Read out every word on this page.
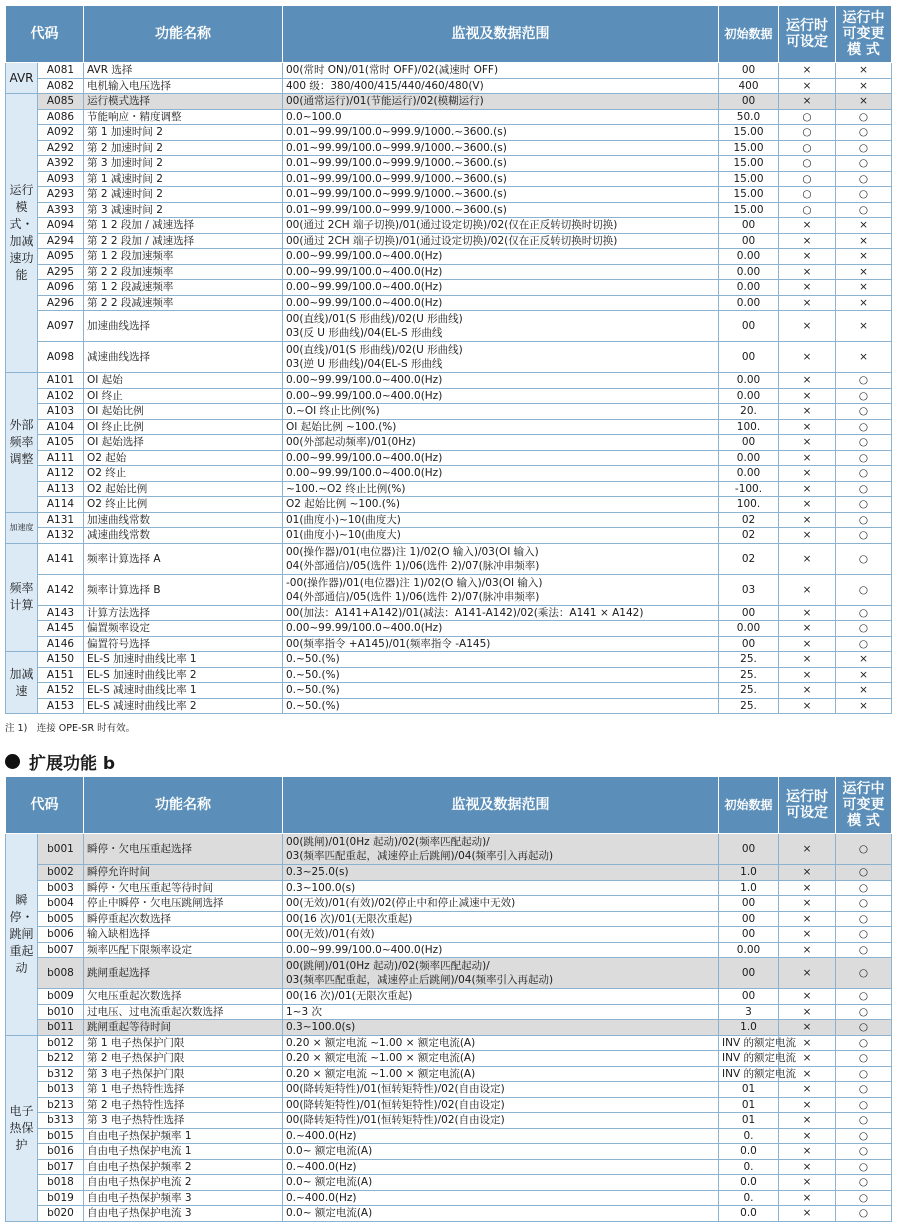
代码		功能名称	监视及数据范围	初始数据	运行时可设定	运行中可变更模 式
AVR	A081	AVR 选择	00(常时 ON)/01(常时 OFF)/02(减速时 OFF)	00	×	×
	A082	电机输入电压选择	400 级：380/400/415/440/460/480(V)	400	×	×
运行模式・加减速功能	A085	运行模式选择	00(通常运行)/01(节能运行)/02(模糊运行)	00	×	×
	A086	节能响应・精度调整	0.0~100.0	50.0	○	○
	A092	第 1 加速时间 2	0.01~99.99/100.0~999.9/1000.~3600.(s)	15.00	○	○
	A292	第 2 加速时间 2	0.01~99.99/100.0~999.9/1000.~3600.(s)	15.00	○	○
	A392	第 3 加速时间 2	0.01~99.99/100.0~999.9/1000.~3600.(s)	15.00	○	○
	A093	第 1 减速时间 2	0.01~99.99/100.0~999.9/1000.~3600.(s)	15.00	○	○
	A293	第 2 减速时间 2	0.01~99.99/100.0~999.9/1000.~3600.(s)	15.00	○	○
	A393	第 3 减速时间 2	0.01~99.99/100.0~999.9/1000.~3600.(s)	15.00	○	○
	A094	第 1 2 段加 / 减速选择	00(通过 2CH 端子切换)/01(通过设定切换)/02(仅在正反转切换时切换)	00	×	×
	A294	第 2 2 段加 / 减速选择	00(通过 2CH 端子切换)/01(通过设定切换)/02(仅在正反转切换时切换)	00	×	×
	A095	第 1 2 段加速频率	0.00~99.99/100.0~400.0(Hz)	0.00	×	×
	A295	第 2 2 段加速频率	0.00~99.99/100.0~400.0(Hz)	0.00	×	×
	A096	第 1 2 段减速频率	0.00~99.99/100.0~400.0(Hz)	0.00	×	×
	A296	第 2 2 段减速频率	0.00~99.99/100.0~400.0(Hz)	0.00	×	×
	A097	加速曲线选择	00(直线)/01(S 形曲线)/02(U 形曲线)
03(反 U 形曲线)/04(EL-S 形曲线	00	×	×
	A098	减速曲线选择	00(直线)/01(S 形曲线)/02(U 形曲线)
03(逆 U 形曲线)/04(EL-S 形曲线	00	×	×
外部频率调整	A101	OI 起始	0.00~99.99/100.0~400.0(Hz)	0.00	×	○
	A102	OI 终止	0.00~99.99/100.0~400.0(Hz)	0.00	×	○
	A103	OI 起始比例	0.~OI 终止比例(%)	20.	×	○
	A104	OI 终止比例	OI 起始比例 ~100.(%)	100.	×	○
	A105	OI 起始选择	00(外部起动频率)/01(0Hz)	00	×	○
	A111	O2 起始	0.00~99.99/100.0~400.0(Hz)	0.00	×	○
	A112	O2 终止	0.00~99.99/100.0~400.0(Hz)	0.00	×	○
	A113	O2 起始比例	~100.~O2 终止比例(%)	-100.	×	○
	A114	O2 终止比例	O2 起始比例 ~100.(%)	100.	×	○
加速度	A131	加速曲线常数	01(曲度小)~10(曲度大)	02	×	○
	A132	减速曲线常数	01(曲度小)~10(曲度大)	02	×	○
频率计算	A141	频率计算选择 A	00(操作器)/01(电位器)注 1)/02(O 输入)/03(OI 输入)
04(外部通信)/05(选件 1)/06(选件 2)/07(脉冲串频率)	02	×	○
	A142	频率计算选择 B	-00(操作器)/01(电位器)注 1)/02(O 输入)/03(OI 输入)
04(外部通信)/05(选件 1)/06(选件 2)/07(脉冲串频率)	03	×	○
	A143	计算方法选择	00(加法：A141+A142)/01(减法：A141-A142)/02(乘法：A141 × A142)	00	×	○
	A145	偏置频率设定	0.00~99.99/100.0~400.0(Hz)	0.00	×	○
	A146	偏置符号选择	00(频率指令 +A145)/01(频率指令 -A145)	00	×	○
加减速	A150	EL-S 加速时曲线比率 1	0.~50.(%)	25.	×	×
	A151	EL-S 加速时曲线比率 2	0.~50.(%)	25.	×	×
	A152	EL-S 减速时曲线比率 1	0.~50.(%)	25.	×	×
	A153	EL-S 减速时曲线比率 2	0.~50.(%)	25.	×	×
注 1)　连接 OPE-SR 时有效。
扩展功能 b
代码		功能名称	监视及数据范围	初始数据	运行时可设定	运行中可变更模 式
瞬停・跳闸重起动	b001	瞬停・欠电压重起选择	00(跳闸)/01(0Hz 起动)/02(频率匹配起动)/
03(频率匹配重起，减速停止后跳闸)/04(频率引入再起动)	00	×	○
	b002	瞬停允许时间	0.3~25.0(s)	1.0	×	○
	b003	瞬停・欠电压重起等待时间	0.3~100.0(s)	1.0	×	○
	b004	停止中瞬停・欠电压跳闸选择	00(无效)/01(有效)/02(停止中和停止减速中无效)	00	×	○
	b005	瞬停重起次数选择	00(16 次)/01(无限次重起)	00	×	○
	b006	输入缺相选择	00(无效)/01(有效)	00	×	○
	b007	频率匹配下限频率设定	0.00~99.99/100.0~400.0(Hz)	0.00	×	○
	b008	跳闸重起选择	00(跳闸)/01(0Hz 起动)/02(频率匹配起动)/
03(频率匹配重起，减速停止后跳闸)/04(频率引入再起动)	00	×	○
	b009	欠电压重起次数选择	00(16 次)/01(无限次重起)	00	×	○
	b010	过电压、过电流重起次数选择	1~3 次	3	×	○
	b011	跳闸重起等待时间	0.3~100.0(s)	1.0	×	○
电子热保护	b012	第 1 电子热保护门限	0.20 × 额定电流 ~1.00 × 额定电流(A)	INV 的额定电流	×	○
	b212	第 2 电子热保护门限	0.20 × 额定电流 ~1.00 × 额定电流(A)	INV 的额定电流	×	○
	b312	第 3 电子热保护门限	0.20 × 额定电流 ~1.00 × 额定电流(A)	INV 的额定电流	×	○
	b013	第 1 电子热特性选择	00(降转矩特性)/01(恒转矩特性)/02(自由设定)	01	×	○
	b213	第 2 电子热特性选择	00(降转矩特性)/01(恒转矩特性)/02(自由设定)	01	×	○
	b313	第 3 电子热特性选择	00(降转矩特性)/01(恒转矩特性)/02(自由设定)	01	×	○
	b015	自由电子热保护频率 1	0.~400.0(Hz)	0.	×	○
	b016	自由电子热保护电流 1	0.0~ 额定电流(A)	0.0	×	○
	b017	自由电子热保护频率 2	0.~400.0(Hz)	0.	×	○
	b018	自由电子热保护电流 2	0.0~ 额定电流(A)	0.0	×	○
	b019	自由电子热保护频率 3	0.~400.0(Hz)	0.	×	○
	b020	自由电子热保护电流 3	0.0~ 额定电流(A)	0.0	×	○
